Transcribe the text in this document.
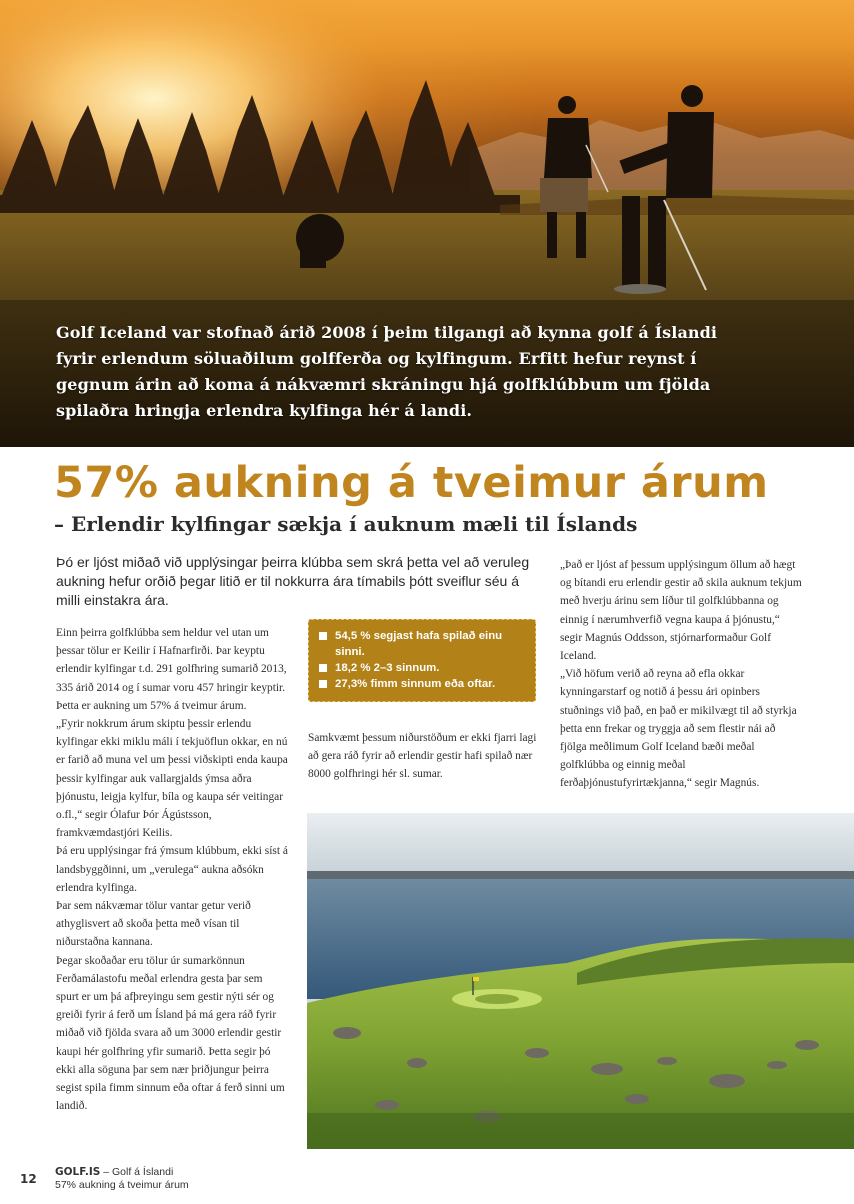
Golf Iceland var stofnað árið 2008 í þeim tilgangi að kynna golf á Íslandi fyrir erlendum söluaðilum golfferða og kylfingum. Erfitt hefur reynst í gegnum árin að koma á nákvæmri skráningu hjá golfklúbbum um fjölda spilaðra hringja erlendra kylfinga hér á landi.
57% aukning á tveimur árum
– Erlendir kylfingar sækja í auknum mæli til Íslands
Þó er ljóst miðað við upplýsingar þeirra klúbba sem skrá þetta vel að veruleg aukning hefur orðið þegar litið er til nokkurra ára tímabils þótt sveiflur séu á milli einstakra ára.

Einn þeirra golfklúbba sem heldur vel utan um þessar tölur er Keilir í Hafnarfirði. Þar keyptu erlendir kylfingar t.d. 291 golfhring sumarið 2013, 335 árið 2014 og í sumar voru 457 hringir keyptir. Þetta er aukning um 57% á tveimur árum.

„Fyrir nokkrum árum skiptu þessir erlendu kylfingar ekki miklu máli í tekjuöflun okkar, en nú er farið að muna vel um þessi viðskipti enda kaupa þessir kylfingar auk vallargjalds ýmsa aðra þjónustu, leigja kylfur, bíla og kaupa sér veitingar o.fl.,“ segir Ólafur Þór Ágústsson, framkvæmdastjóri Keilis.

Þá eru upplýsingar frá ýmsum klúbbum, ekki síst á landsbyggðinni, um „verulega“ aukna aðsókn erlendra kylfinga.

Þar sem nákvæmar tölur vantar getur verið athyglisvert að skoða þetta með vísan til niðurstaðna kannana.

Þegar skoðaðar eru tölur úr sumarkönnun Ferðamálastofu meðal erlendra gesta þar sem spurt er um þá afþreyingu sem gestir nýti sér og greiði fyrir á ferð um Ísland þá má gera ráð fyrir miðað við fjölda svara að um 3000 erlendir gestir kaupi hér golfhring yfir sumarið. Þetta segir þó ekki alla söguna þar sem nær þriðjungur þeirra segist spila fimm sinnum eða oftar á ferð sinni um landið.

54,5 % segjast hafa spilað einu sinni.
18,2 % 2–3 sinnum.
27,3% fimm sinnum eða oftar.

Samkvæmt þessum niðurstöðum er ekki fjarri lagi að gera ráð fyrir að erlendir gestir hafi spilað nær 8000 golfhringi hér sl. sumar.

„Það er ljóst af þessum upplýsingum öllum að hægt og bítandi eru erlendir gestir að skila auknum tekjum með hverju árinu sem líður til golfklúbbanna og einnig í nærumhverfið vegna kaupa á þjónustu,“ segir Magnús Oddsson, stjórnarformaður Golf Iceland.

„Við höfum verið að reyna að efla okkar kynningarstarf og notið á þessu ári opinbers stuðnings við það, en það er mikilvægt til að styrkja þetta enn frekar og tryggja að sem flestir nái að fjölga meðlimum Golf Iceland bæði meðal golfklúbba og einnig meðal ferðaþjónustufyrirtækjanna,“ segir Magnús.

12 GOLF.IS – Golf á Íslandi
57% aukning á tveimur árum
